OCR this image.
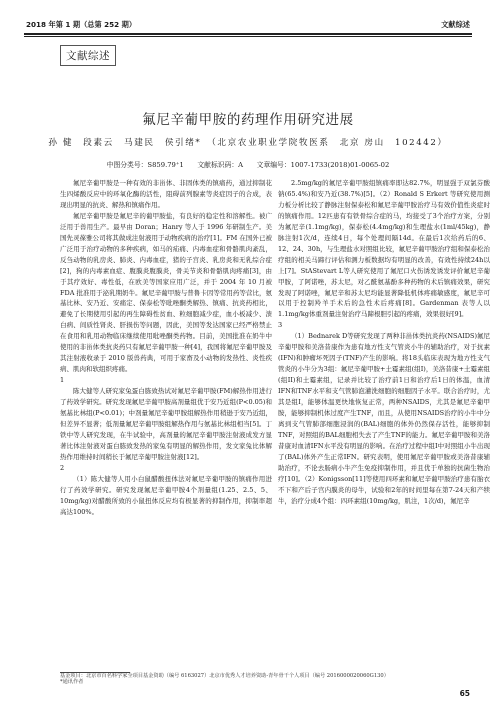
2018 年第 1 期（总第 252 期）	文献综述
文献综述
氟尼辛葡甲胺的药理作用研究进展
孙 健　段素云　马建民　侯引绪*　（北京农业职业学院牧医系　北京 房山　102442）
中图分类号：S859.79⁺1　　文献标识码：A　　文章编号：1007-1733(2018)01-0065-02

氟尼辛葡甲胺是一种有效的非甾体、非固体类的镇痛药，通过抑制花生四烯酸反应中的环氧化酶的活性，阻碍前列腺素等炎症因子的合成，表现出明显的抗炎、解热和镇痛作用。

氟尼辛葡甲胺是氟尼辛的葡甲胺盐，有良好的稳定性和溶解性。被广泛用于兽用生产。最早由 Doran；Hanry 等人于 1996 年研制生产。美国先灵葆雅公司将其做成注射液用于动物疾病的治疗[1]。FM 在国外已被广泛用于治疗动物的多种疾病，如马的疝痛、内毒血症和骨骼肌肉紊乱，反刍动物的乳房炎、肺炎、内毒血症，猪的子宫炎、乳房炎和无乳综合症[2]，狗的内毒素血症、腹膜炎腹膜炎，骨关节炎和骨骼肌肉疼痛[3]，由于其疗效好、毒性低，在欧美等国家应用广泛，并于 2004 年 10 月被 FDA 批准用于泌乳期奶牛。氟尼辛葡甲胺与普鲁卡因等常用药等营比，氨基比林、安乃近、安痛定、保泰松等吡唑酮类解热、镇痛、抗炎药相比，避免了长期使用引起的再生障碍性贫血、粒细胞减少症，血小板减少、溃白病、间质性肾炎、肝损伤等问题，因此，美国等发达国家已经严格禁止在食用和乳用动物临床继续使用吡唑酮类药物。目前，美国批准在奶牛中使用的非甾体类抗炎药只有氟尼辛葡甲胺一种[4]，我国将氟尼辛葡甲胺及其注射液收录于 2010 版兽药典，可用于家畜及小动物的发热性、炎性疾病、肌肉和软组织疼痛。

1

陈大健等人研究家兔蛋白胨致热试对氟尼辛葡甲胺(FM)解热作用进行了药效学研究。研究发现氟尼辛葡甲胺高剂量组优于安乃近组(P<0.05)和氨基比林组(P<0.01)；中剂量氟尼辛葡甲胺组解热作用稍逊于安乃近组，但差异不显著；低剂量氟尼辛葡甲胺组解热作用与氨基比林组相当[5]。丁铁中等人研究发现，在牛试验中，高剂量的氟尼辛葡甲胺注射液成发方显著比体注射液对蛋白胨致发热的家兔有明显的解热作用，发文家兔比体解热作用维持时间稍长于氟尼辛葡甲胺注射液[12]。

2

（1）陈大健等人用小白鼠醋酸扭体法对氟尼辛葡甲胺的镇痛作用进行了药效学研究。研究发现氟尼辛葡甲胺4个剂量组(1.25、2.5、5、10mg/kg)对醋酸所致的小鼠扭体反应均有极显著的抑制作用，抑制率超高达100%。

2.5mg/kg的氟尼辛葡甲胺组镇痛率即达82.7%，明显强于双氯芬酸钠(65.4%)和安乃近(38.7%)[5]。（2）Ronald S Erkert 等研究使用测力板分析比较了静脉注射保泰松和氟尼辛葡甲胺治疗马有效价值性炎症时的镇痛作用。12匹患有有铁骨综合症的马，均接受了3个治疗方案，分别为氟尼辛(1.1mg/kg)，保泰松(4.4mg/kg)和生理盐水(1ml/45kg)，静脉注射1次/d，连续4日，每个处理间隔14d。在最后1次给药后的6、12、24、30h，与生理盐水对照组比较，氟尼辛葡甲胺治疗组和保泰松治疗组的相关马蹄行评估和测力板数据均有明显的改善，有效性持续24h以上[7]。StAStevart L等人研究使用了氟尼口火伤诱发诱发评价氟尼辛葡甲胺，了阿诺唑，苏太尼，对乙酰氨基酚多种药物的术后镇痛效果，研究发现了阿诺唑，氟尼辛和苏太尼均能显著降低机体疼痛敏感度，氟尼辛可以用于控制羚羊手术后的急性术后疼痛[8]。Gardenman 表等人以1.1mg/kg体重剂量注射治疗马蹄根胆引起的疼痛，效果很好[9]。

3

（1）Bednarek D等研究发现了两种非甾体类抗炎药(NSAIDS)氟尼辛葡甲胺和美洛昔康作为患有地方性支气管炎小牛的辅助治疗，对于抗素(IFN)和肿瘤坏死因子(TNF)产生的影响。将18头临床表现为地方性支气管炎的小牛分为3组：氟尼辛葡甲胺+土霉素组(组I)，美洛昔康+土霉素组(组II)和土霉素组，记录并比较了治疗前1日和治疗后1日的体温，血清IFN和TNF水平和支气管肺泡灌洗细胞的细胞因子水平。联合治疗时，尤其是组I，能够体温更快地恢复正常，两种NSAIDS，尤其是氟尼辛葡甲胺，能够抑制机体过度产生TNF，而且，从使用NSAIDS治疗的小牛中分离到支气管肺部细胞浸润的(BAL)细胞的体外仍然保存活性，能够抑制TNF，对照组的BAL细胞相失去了产生TNF的能力。氟尼辛葡甲胺和美洛昔康对血清IFN水平没有明显的影响。在治疗过程中组I中对照组小牛出现了(BAL)体外产生正常IFN。研究表明，使用氟尼辛葡甲胺或美洛昔康辅助治疗，不论去肠病小牛产生免疫抑制作用，并且优于单独的抗菌生物治疗[10]。（2）Konigsson[11]等使用四环素和氟尼辛葡甲胺治疗患有胎衣不下和产后子宫内膜炎的母牛，试验和2年的时间里每在第7-24天和产犊牛，治疗分成4个组：四环素组(10mg/kg，肌注，1次/d)，氟尼辛

基金项目：北京市百名科学家全项目基金资助（编号 6163027）北京市优秀人才培养资助-青年骨干个人项目（编号 2016000020060G130）
*通讯作者
65
